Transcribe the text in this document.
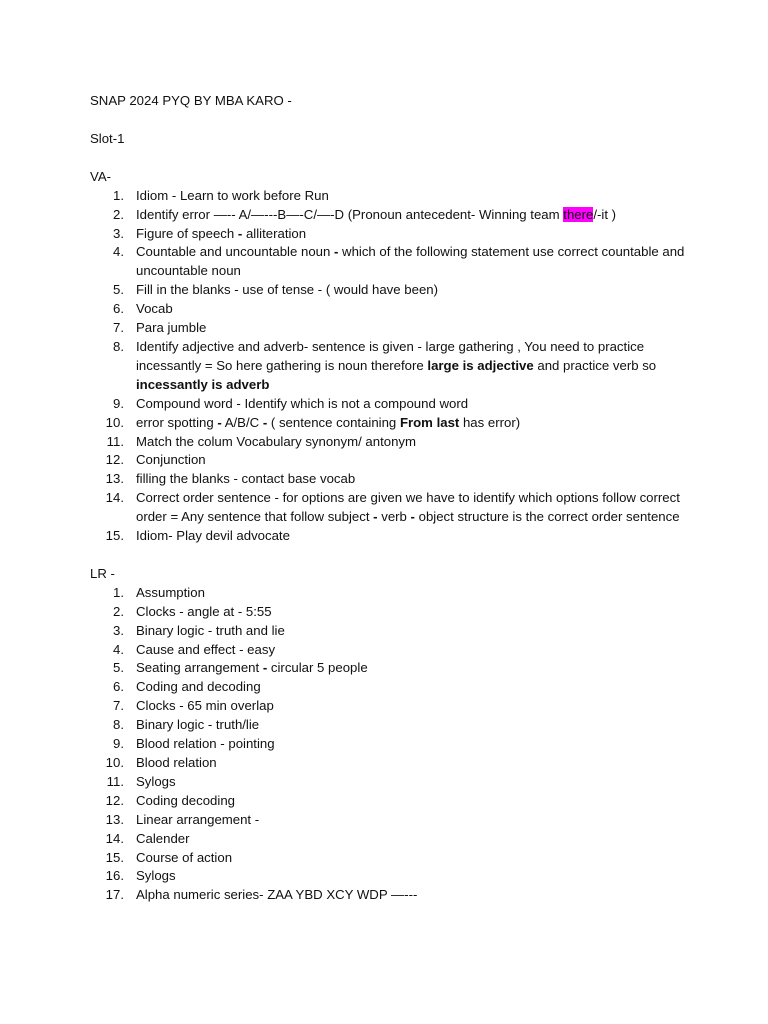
SNAP 2024 PYQ BY MBA KARO -

Slot-1

VA-

1. Idiom - Learn to work before Run
2. Identify error —-- A/—---B—-C/—-D (Pronoun antecedent- Winning team there/-it )
3. Figure of speech - alliteration
4. Countable and uncountable noun - which of the following statement use correct countable and uncountable noun
5. Fill in the blanks - use of tense - ( would have been)
6. Vocab
7. Para jumble
8. Identify adjective and adverb- sentence is given - large gathering , You need to practice incessantly = So here gathering is noun therefore large is adjective and practice verb so incessantly is adverb
9. Compound word - Identify which is not a compound word
10. error spotting - A/B/C - ( sentence containing From last has error)
11. Match the colum Vocabulary synonym/ antonym
12. Conjunction
13. filling the blanks - contact base vocab
14. Correct order sentence - for options are given we have to identify which options follow correct order = Any sentence that follow subject - verb - object structure is the correct order sentence
15. Idiom- Play devil advocate

LR -

1. Assumption
2. Clocks - angle at - 5:55
3. Binary logic - truth and lie
4. Cause and effect - easy
5. Seating arrangement - circular 5 people
6. Coding and decoding
7. Clocks - 65 min overlap
8. Binary logic - truth/lie
9. Blood relation - pointing
10. Blood relation
11. Sylogs
12. Coding decoding
13. Linear arrangement -
14. Calender
15. Course of action
16. Sylogs
17. Alpha numeric series- ZAA YBD XCY WDP —---
